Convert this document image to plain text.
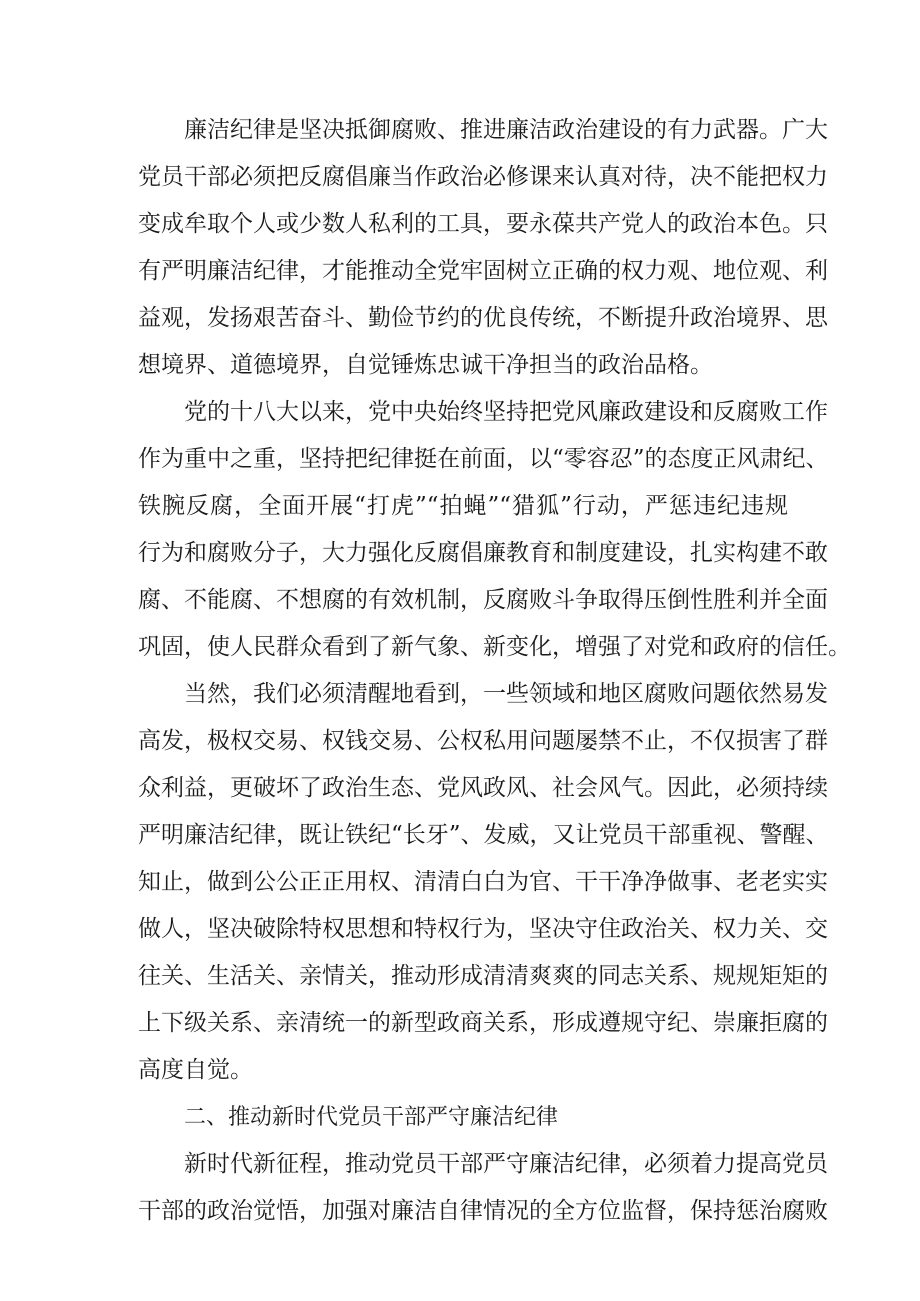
廉洁纪律是坚决抵御腐败、推进廉洁政治建设的有力武器。广大
党员干部必须把反腐倡廉当作政治必修课来认真对待，决不能把权力
变成牟取个人或少数人私利的工具，要永葆共产党人的政治本色。只
有严明廉洁纪律，才能推动全党牢固树立正确的权力观、地位观、利
益观，发扬艰苦奋斗、勤俭节约的优良传统，不断提升政治境界、思
想境界、道德境界，自觉锤炼忠诚干净担当的政治品格。
党的十八大以来，党中央始终坚持把党风廉政建设和反腐败工作
作为重中之重，坚持把纪律挺在前面，以“零容忍”的态度正风肃纪、
铁腕反腐，全面开展“打虎”“拍蝇”“猎狐”行动，严惩违纪违规
行为和腐败分子，大力强化反腐倡廉教育和制度建设，扎实构建不敢
腐、不能腐、不想腐的有效机制，反腐败斗争取得压倒性胜利并全面
巩固，使人民群众看到了新气象、新变化，增强了对党和政府的信任。
当然，我们必须清醒地看到，一些领域和地区腐败问题依然易发
高发，极权交易、权钱交易、公权私用问题屡禁不止，不仅损害了群
众利益，更破坏了政治生态、党风政风、社会风气。因此，必须持续
严明廉洁纪律，既让铁纪“长牙”、发威，又让党员干部重视、警醒、
知止，做到公公正正用权、清清白白为官、干干净净做事、老老实实
做人，坚决破除特权思想和特权行为，坚决守住政治关、权力关、交
往关、生活关、亲情关，推动形成清清爽爽的同志关系、规规矩矩的
上下级关系、亲清统一的新型政商关系，形成遵规守纪、崇廉拒腐的
高度自觉。
二、推动新时代党员干部严守廉洁纪律
新时代新征程，推动党员干部严守廉洁纪律，必须着力提高党员
干部的政治觉悟，加强对廉洁自律情况的全方位监督，保持惩治腐败
